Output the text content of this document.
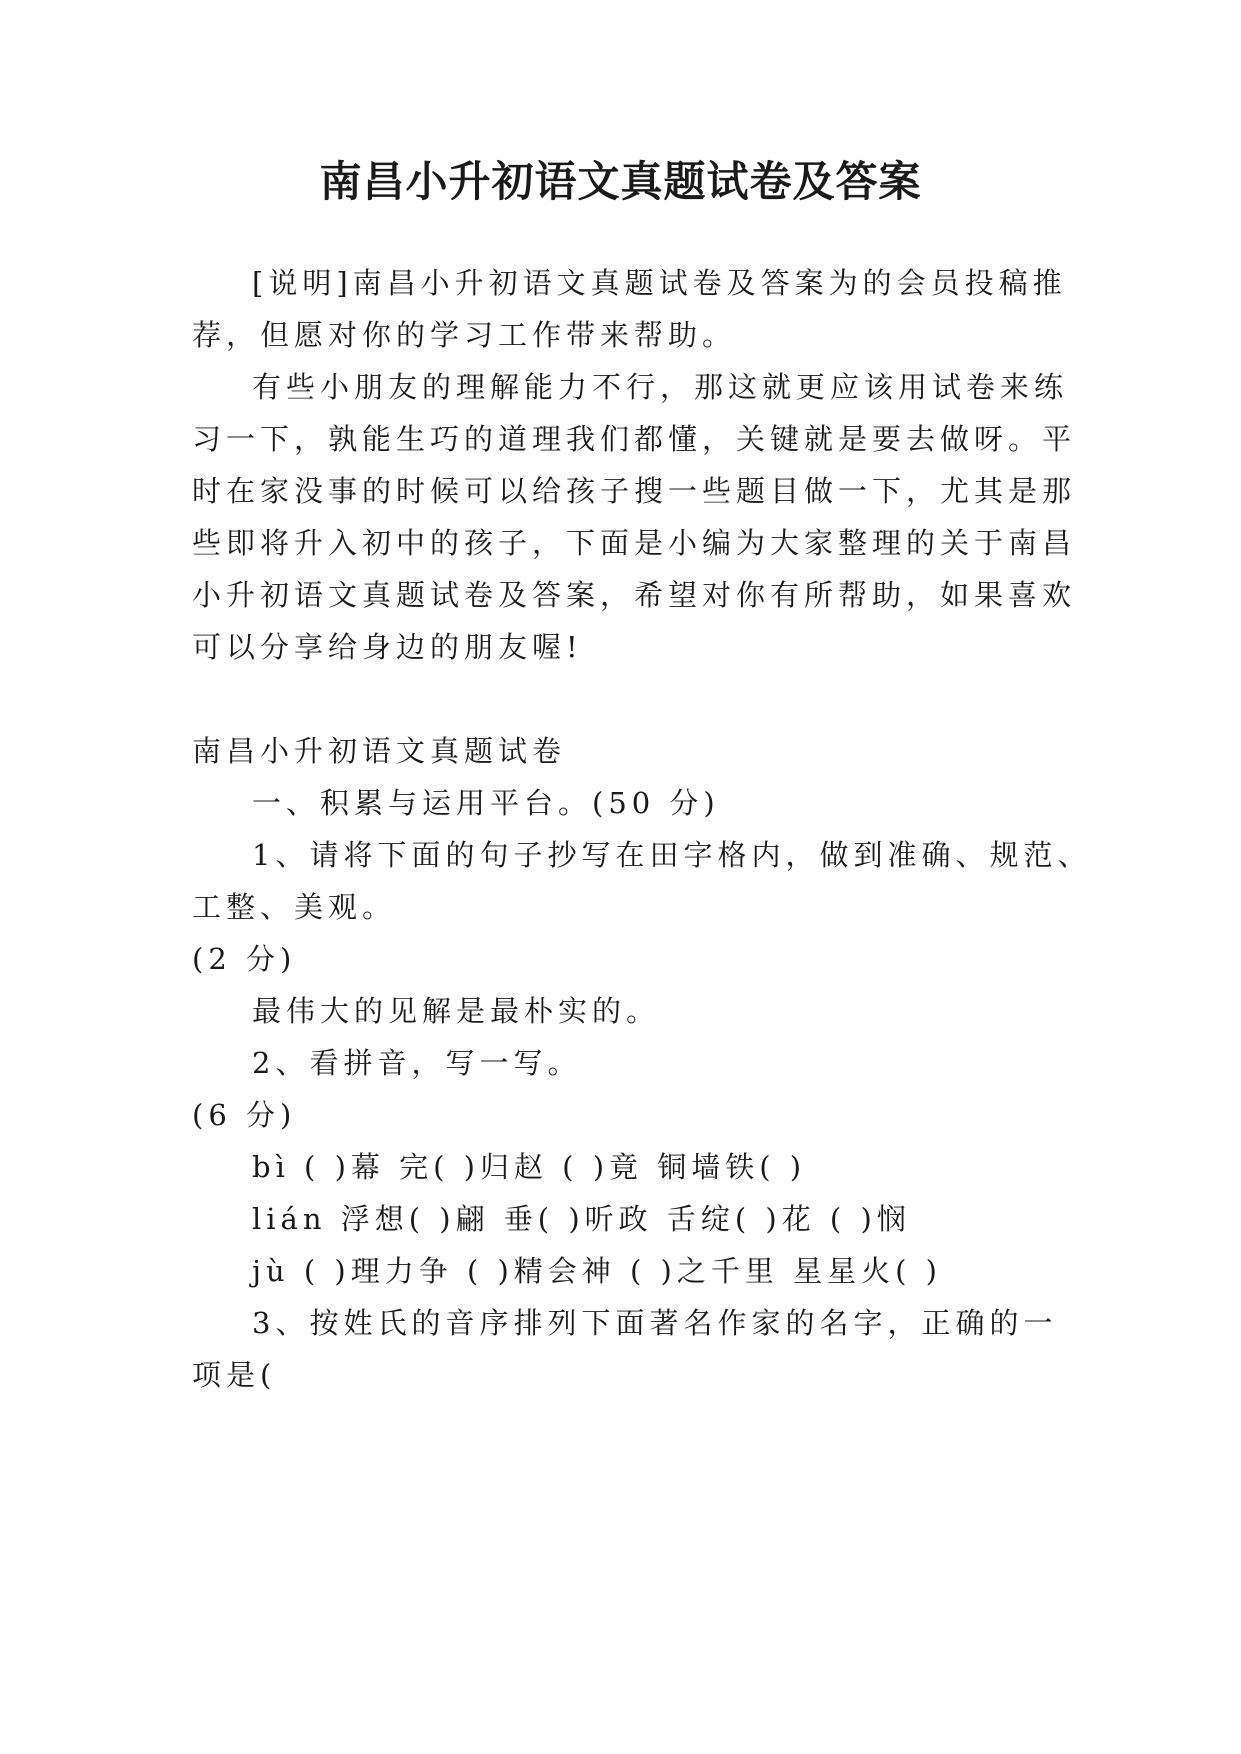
南昌小升初语文真题试卷及答案
[说明]南昌小升初语文真题试卷及答案为的会员投稿推
荐，但愿对你的学习工作带来帮助。
有些小朋友的理解能力不行，那这就更应该用试卷来练
习一下，孰能生巧的道理我们都懂，关键就是要去做呀。平
时在家没事的时候可以给孩子搜一些题目做一下，尤其是那
些即将升入初中的孩子，下面是小编为大家整理的关于南昌
小升初语文真题试卷及答案，希望对你有所帮助，如果喜欢
可以分享给身边的朋友喔!
南昌小升初语文真题试卷
一、积累与运用平台。(50 分)
1、请将下面的句子抄写在田字格内，做到准确、规范、
工整、美观。
(2 分)
最伟大的见解是最朴实的。
2、看拼音，写一写。
(6 分)
bì ( )幕 完( )归赵 ( )竟 铜墙铁( )
lián 浮想( )翩 垂( )听政 舌绽( )花 ( )悯
jù ( )理力争 ( )精会神 ( )之千里 星星火( )
3、按姓氏的音序排列下面著名作家的名字，正确的一
项是(
